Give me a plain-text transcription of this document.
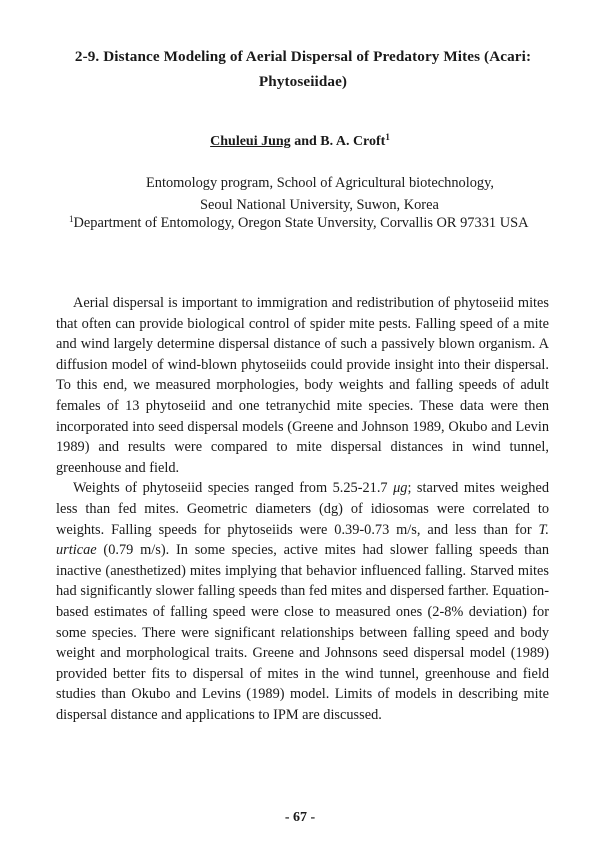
2-9. Distance Modeling of Aerial Dispersal of Predatory Mites (Acari: Phytoseiidae)
Chuleui Jung and B. A. Croft$^1$
Entomology program, School of Agricultural biotechnology,
Seoul National University, Suwon, Korea
$^1$Department of Entomology, Oregon State Unversity, Corvallis OR 97331 USA

Aerial dispersal is important to immigration and redistribution of phytoseiid mites that often can provide biological control of spider mite pests. Falling speed of a mite and wind largely determine dispersal distance of such a passively blown organism. A diffusion model of wind-blown phytoseiids could provide insight into their dispersal. To this end, we measured morphologies, body weights and falling speeds of adult females of 13 phytoseiid and one tetranychid mite species. These data were then incorporated into seed dispersal models (Greene and Johnson 1989, Okubo and Levin 1989) and results were compared to mite dispersal distances in wind tunnel, greenhouse and field.

Weights of phytoseiid species ranged from 5.25-21.7 μg; starved mites weighed less than fed mites. Geometric diameters (dg) of idiosomas were correlated to weights. Falling speeds for phytoseiids were 0.39-0.73 m/s, and less than for T. urticae (0.79 m/s). In some species, active mites had slower falling speeds than inactive (anesthetized) mites implying that behavior influenced falling. Starved mites had significantly slower falling speeds than fed mites and dispersed farther. Equation-based estimates of falling speed were close to measured ones (2-8% deviation) for some species. There were significant relationships between falling speed and body weight and morphological traits. Greene and Johnsons seed dispersal model (1989) provided better fits to dispersal of mites in the wind tunnel, greenhouse and field studies than Okubo and Levins (1989) model. Limits of models in describing mite dispersal distance and applications to IPM are discussed.

- 67 -
